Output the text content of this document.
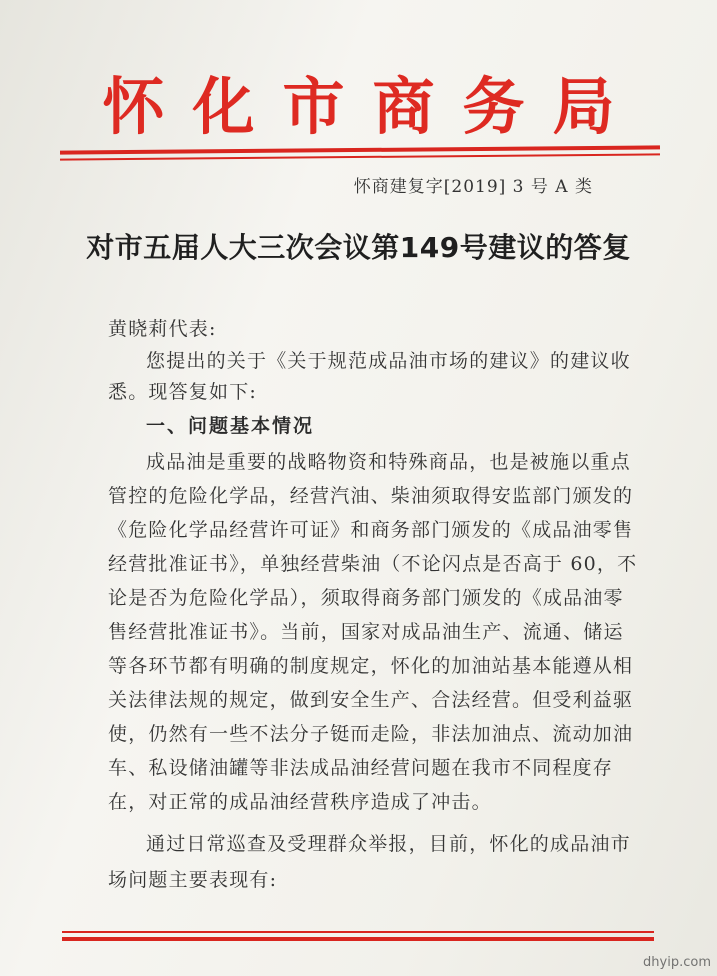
怀化市商务局
怀商建复字[2019] 3 号 A 类
对市五届人大三次会议第149号建议的答复
黄晓莉代表:
您提出的关于《关于规范成品油市场的建议》的建议收
悉。现答复如下:
一、问题基本情况
成品油是重要的战略物资和特殊商品，也是被施以重点
管控的危险化学品，经营汽油、柴油须取得安监部门颁发的
《危险化学品经营许可证》和商务部门颁发的《成品油零售
经营批准证书》，单独经营柴油（不论闪点是否高于 60，不
论是否为危险化学品），须取得商务部门颁发的《成品油零
售经营批准证书》。当前，国家对成品油生产、流通、储运
等各环节都有明确的制度规定，怀化的加油站基本能遵从相
关法律法规的规定，做到安全生产、合法经营。但受利益驱
使，仍然有一些不法分子铤而走险，非法加油点、流动加油
车、私设储油罐等非法成品油经营问题在我市不同程度存
在，对正常的成品油经营秩序造成了冲击。
通过日常巡查及受理群众举报，目前，怀化的成品油市
场问题主要表现有:
dhyip.com
